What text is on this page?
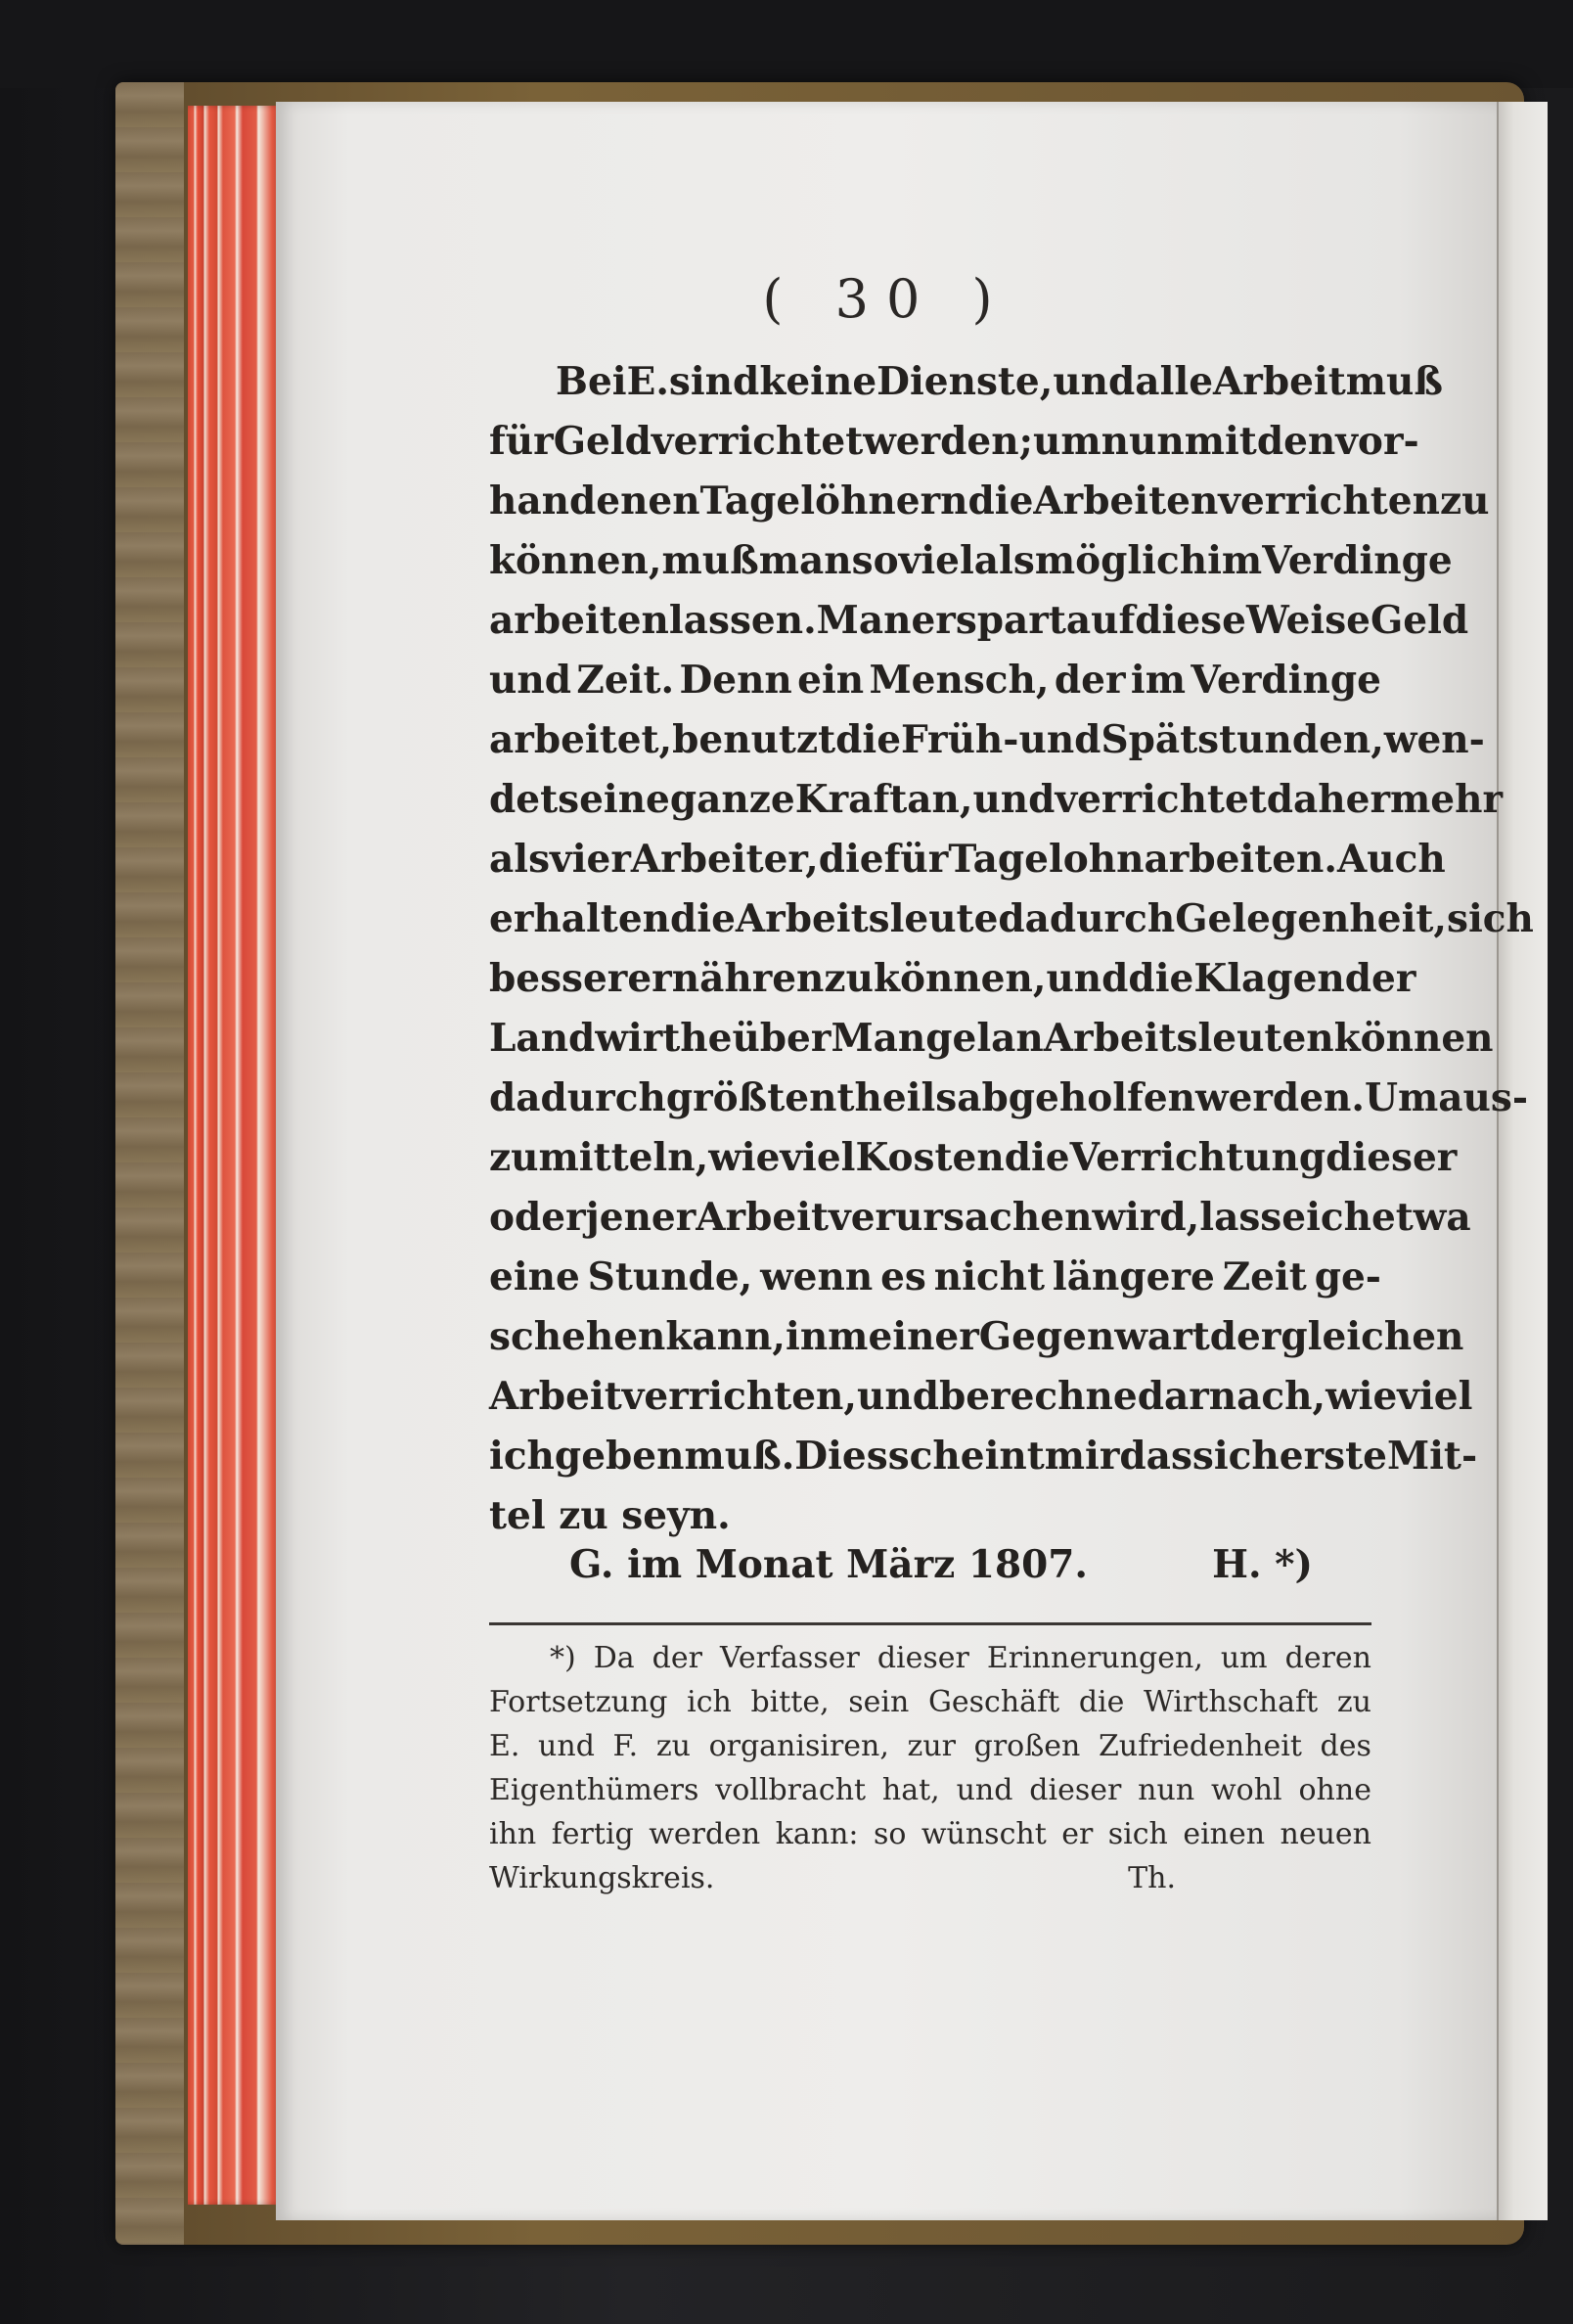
( 30 )
Bei E. sind keine Dienste, und alle Arbeit muß
für Geld verrichtet werden; um nun mit den vor-
handenen Tagelöhnern die Arbeiten verrichten zu
können, muß man so viel als möglich im Verdinge
arbeiten lassen. Man erspart auf diese Weise Geld
und Zeit. Denn ein Mensch, der im Verdinge
arbeitet, benutzt die Früh- und Spätstunden, wen-
det seine ganze Kraft an, und verrichtet daher mehr
als vier Arbeiter, die für Tagelohn arbeiten. Auch
erhalten die Arbeitsleute dadurch Gelegenheit, sich
besser ernähren zu können, und die Klagen der
Landwirthe über Mangel an Arbeitsleuten können
dadurch größtentheils abgeholfen werden. Um aus-
zumitteln, wie viel Kosten die Verrichtung dieser
oder jener Arbeit verursachen wird, lasse ich etwa
eine Stunde, wenn es nicht längere Zeit ge-
schehen kann, in meiner Gegenwart dergleichen
Arbeit verrichten, und berechne darnach, wie viel
ich geben muß. Dies scheint mir das sicherste Mit-
tel zu seyn.
G. im Monat März 1807.	H. *)
*) Da der Verfasser dieser Erinnerungen, um deren
Fortsetzung ich bitte, sein Geschäft die Wirthschaft zu
E. und F. zu organisiren, zur großen Zufriedenheit des
Eigenthümers vollbracht hat, und dieser nun wohl ohne
ihn fertig werden kann: so wünscht er sich einen neuen
Wirkungskreis.	Th.
